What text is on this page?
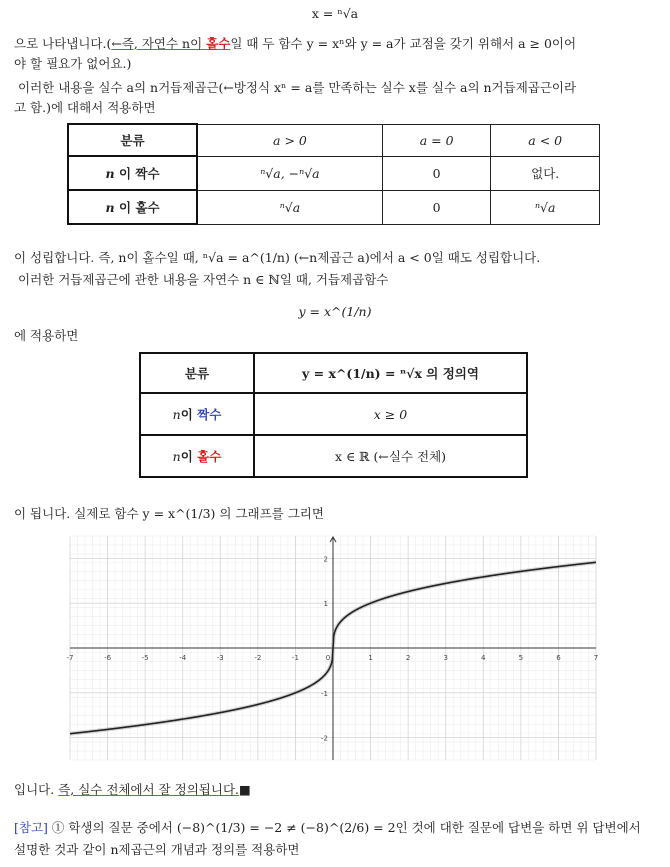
x = ⁿ√a
으로 나타냅니다.(←즉, 자연수 n이 홀수일 때 두 함수 y = xⁿ와 y = a가 교점을 갖기 위해서 a ≥ 0이어
야 할 필요가 없어요.)
이러한 내용을 실수 a의 n거듭제곱근(←방정식 xⁿ = a를 만족하는 실수 x를 실수 a의 n거듭제곱근이라
고 함.)에 대해서 적용하면
분류	a > 0	a = 0	a < 0
n 이 짝수	ⁿ√a, −ⁿ√a	0	없다.
n 이 홀수	ⁿ√a	0	ⁿ√a
이 성립합니다. 즉, n이 홀수일 때, ⁿ√a = a^(1/n) (←n제곱근 a)에서 a < 0일 때도 성립합니다.
이러한 거듭제곱근에 관한 내용을 자연수 n ∈ ℕ일 때, 거듭제곱함수
y = x^(1/n)
에 적용하면
분류	y = x^(1/n) = ⁿ√x 의 정의역
n이 짝수	x ≥ 0
n이 홀수	x ∈ ℝ (←실수 전체)
이 됩니다. 실제로 함수 y = x^(1/3) 의 그래프를 그리면
-7	-6	-5	-4	-3	-2	-1	0	1	2	3	4	5	6	7
2
1
-1
-2
입니다. 즉, 실수 전체에서 잘 정의됩니다.■
[참고] ① 학생의 질문 중에서 (−8)^(1/3) = −2 ≠ (−8)^(2/6) = 2인 것에 대한 질문에 답변을 하면 위 답변에서
설명한 것과 같이 n제곱근의 개념과 정의를 적용하면
